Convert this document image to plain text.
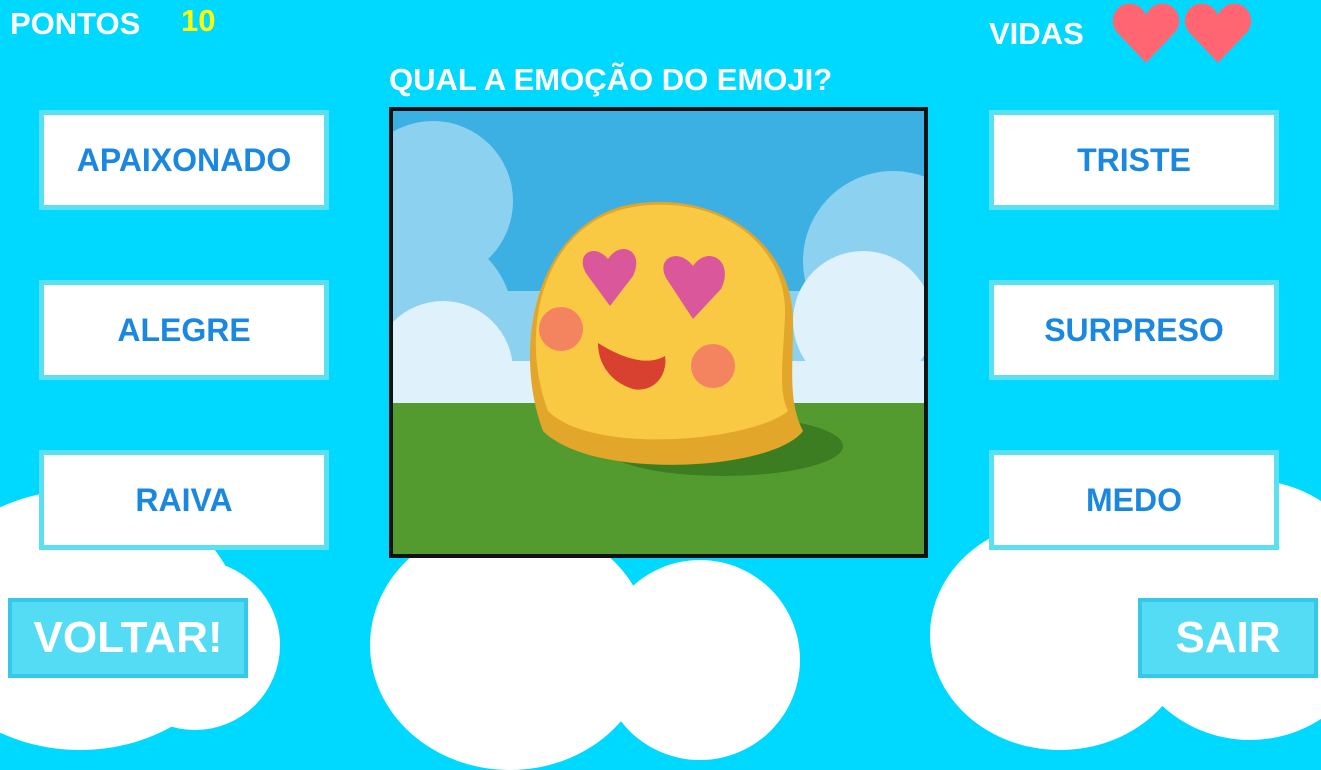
PONTOS 10	VIDAS
QUAL A EMOÇÃO DO EMOJI?
APAIXONADO
ALEGRE
RAIVA
TRISTE
SURPRESO
MEDO
VOLTAR!	SAIR
